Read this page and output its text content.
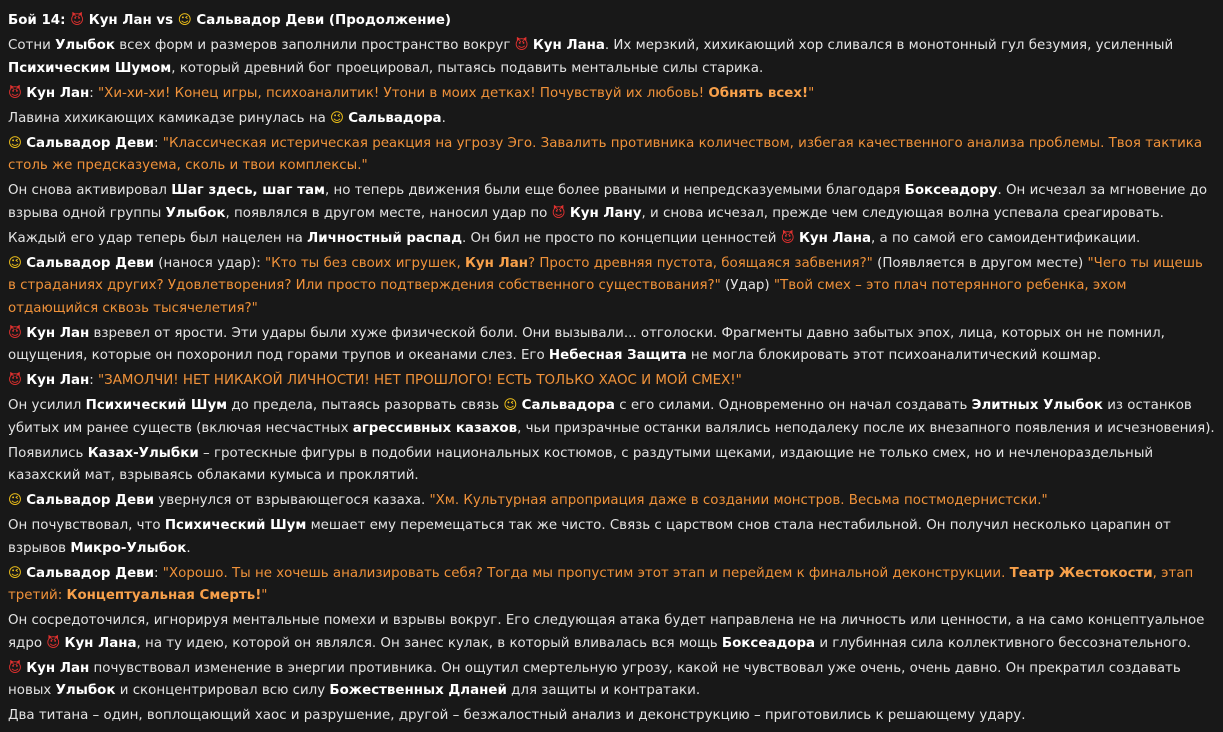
Бой 14: 😈 Кун Лан vs 😉 Сальвадор Деви (Продолжение)
Сотни Улыбок всех форм и размеров заполнили пространство вокруг 😈 Кун Лана. Их мерзкий, хихикающий хор сливался в монотонный гул безумия, усиленный Психическим Шумом, который древний бог проецировал, пытаясь подавить ментальные силы старика.
😈 Кун Лан: "Хи-хи-хи! Конец игры, психоаналитик! Утони в моих детках! Почувствуй их любовь! Обнять всех!"
Лавина хихикающих камикадзе ринулась на 😉 Сальвадора.
😉 Сальвадор Деви: "Классическая истерическая реакция на угрозу Эго. Завалить противника количеством, избегая качественного анализа проблемы. Твоя тактика столь же предсказуема, сколь и твои комплексы."
Он снова активировал Шаг здесь, шаг там, но теперь движения были еще более рваными и непредсказуемыми благодаря Боксеадору. Он исчезал за мгновение до взрыва одной группы Улыбок, появлялся в другом месте, наносил удар по 😈 Кун Лану, и снова исчезал, прежде чем следующая волна успевала среагировать.
Каждый его удар теперь был нацелен на Личностный распад. Он бил не просто по концепции ценностей 😈 Кун Лана, а по самой его самоидентификации.
😉 Сальвадор Деви (нанося удар): "Кто ты без своих игрушек, Кун Лан? Просто древняя пустота, боящаяся забвения?" (Появляется в другом месте) "Чего ты ищешь в страданиях других? Удовлетворения? Или просто подтверждения собственного существования?" (Удар) "Твой смех – это плач потерянного ребенка, эхом отдающийся сквозь тысячелетия?"
😈 Кун Лан взревел от ярости. Эти удары были хуже физической боли. Они вызывали... отголоски. Фрагменты давно забытых эпох, лица, которых он не помнил, ощущения, которые он похоронил под горами трупов и океанами слез. Его Небесная Защита не могла блокировать этот психоаналитический кошмар.
😈 Кун Лан: "ЗАМОЛЧИ! НЕТ НИКАКОЙ ЛИЧНОСТИ! НЕТ ПРОШЛОГО! ЕСТЬ ТОЛЬКО ХАОС И МОЙ СМЕХ!"
Он усилил Психический Шум до предела, пытаясь разорвать связь 😉 Сальвадора с его силами. Одновременно он начал создавать Элитных Улыбок из останков убитых им ранее существ (включая несчастных агрессивных казахов, чьи призрачные останки валялись неподалеку после их внезапного появления и исчезновения).
Появились Казах-Улыбки – гротескные фигуры в подобии национальных костюмов, с раздутыми щеками, издающие не только смех, но и нечленораздельный казахский мат, взрываясь облаками кумыса и проклятий.
😉 Сальвадор Деви увернулся от взрывающегося казаха. "Хм. Культурная апроприация даже в создании монстров. Весьма постмодернистски."
Он почувствовал, что Психический Шум мешает ему перемещаться так же чисто. Связь с царством снов стала нестабильной. Он получил несколько царапин от взрывов Микро-Улыбок.
😉 Сальвадор Деви: "Хорошо. Ты не хочешь анализировать себя? Тогда мы пропустим этот этап и перейдем к финальной деконструкции. Театр Жестокости, этап третий: Концептуальная Смерть!"
Он сосредоточился, игнорируя ментальные помехи и взрывы вокруг. Его следующая атака будет направлена не на личность или ценности, а на само концептуальное ядро 😈 Кун Лана, на ту идею, которой он являлся. Он занес кулак, в который вливалась вся мощь Боксеадора и глубинная сила коллективного бессознательного.
😈 Кун Лан почувствовал изменение в энергии противника. Он ощутил смертельную угрозу, какой не чувствовал уже очень, очень давно. Он прекратил создавать новых Улыбок и сконцентрировал всю силу Божественных Дланей для защиты и контратаки.
Два титана – один, воплощающий хаос и разрушение, другой – безжалостный анализ и деконструкцию – приготовились к решающему удару.
